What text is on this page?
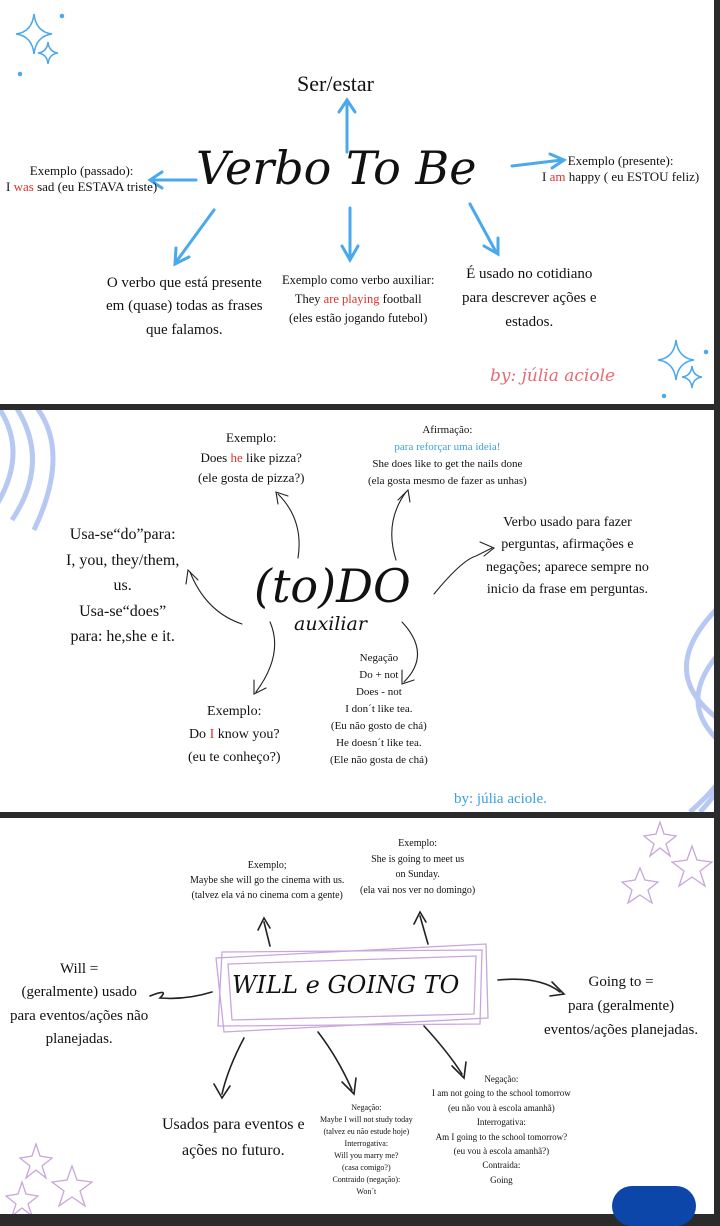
Ser/estar
Verbo To Be
Exemplo (passado):
I was sad (eu ESTAVA triste)
Exemplo (presente):
I am happy ( eu ESTOU feliz)
O verbo que está presente
em (quase) todas as frases
que falamos.
Exemplo como verbo auxiliar:
They are playing football
(eles estão jogando futebol)
É usado no cotidiano
para descrever ações e
estados.
by: júlia aciole
Exemplo:
Does he like pizza?
(ele gosta de pizza?)
Afirmação:
para reforçar uma ideia!
She does like to get the nails done
(ela gosta mesmo de fazer as unhas)
Usa-se“do”para:
I, you, they/them,
us.
Usa-se“does”
para: he,she e it.
Verbo usado para fazer
perguntas, afirmações e
negações; aparece sempre no
inicio da frase em perguntas.
(to)DO
auxiliar
Exemplo:
Do I know you?
(eu te conheço?)
Negação
Do + not
Does - not
I don´t like tea.
(Eu não gosto de chá)
He doesn´t like tea.
(Ele não gosta de chá)
by: júlia aciole.
Exemplo;
Maybe she will go the cinema with us.
(talvez ela vá no cinema com a gente)
Exemplo:
She is going to meet us
on Sunday.
(ela vai nos ver no domingo)
Will =
(geralmente) usado
para eventos/ações não
planejadas.
WILL e GOING TO	Going to =
para (geralmente)
eventos/ações planejadas.
Usados para eventos e
ações no futuro.
Negação:
Maybe I will not study today
(talvez eu não estude hoje)
Interrogativa:
Will you marry me?
(casa comigo?)
Contraido (negação):
Won´t
Negação:
I am not going to the school tomorrow
(eu não vou à escola amanhã)
Interrogativa:
Am I going to the school tomorrow?
(eu vou à escola amanhã?)
Contraida:
Going
